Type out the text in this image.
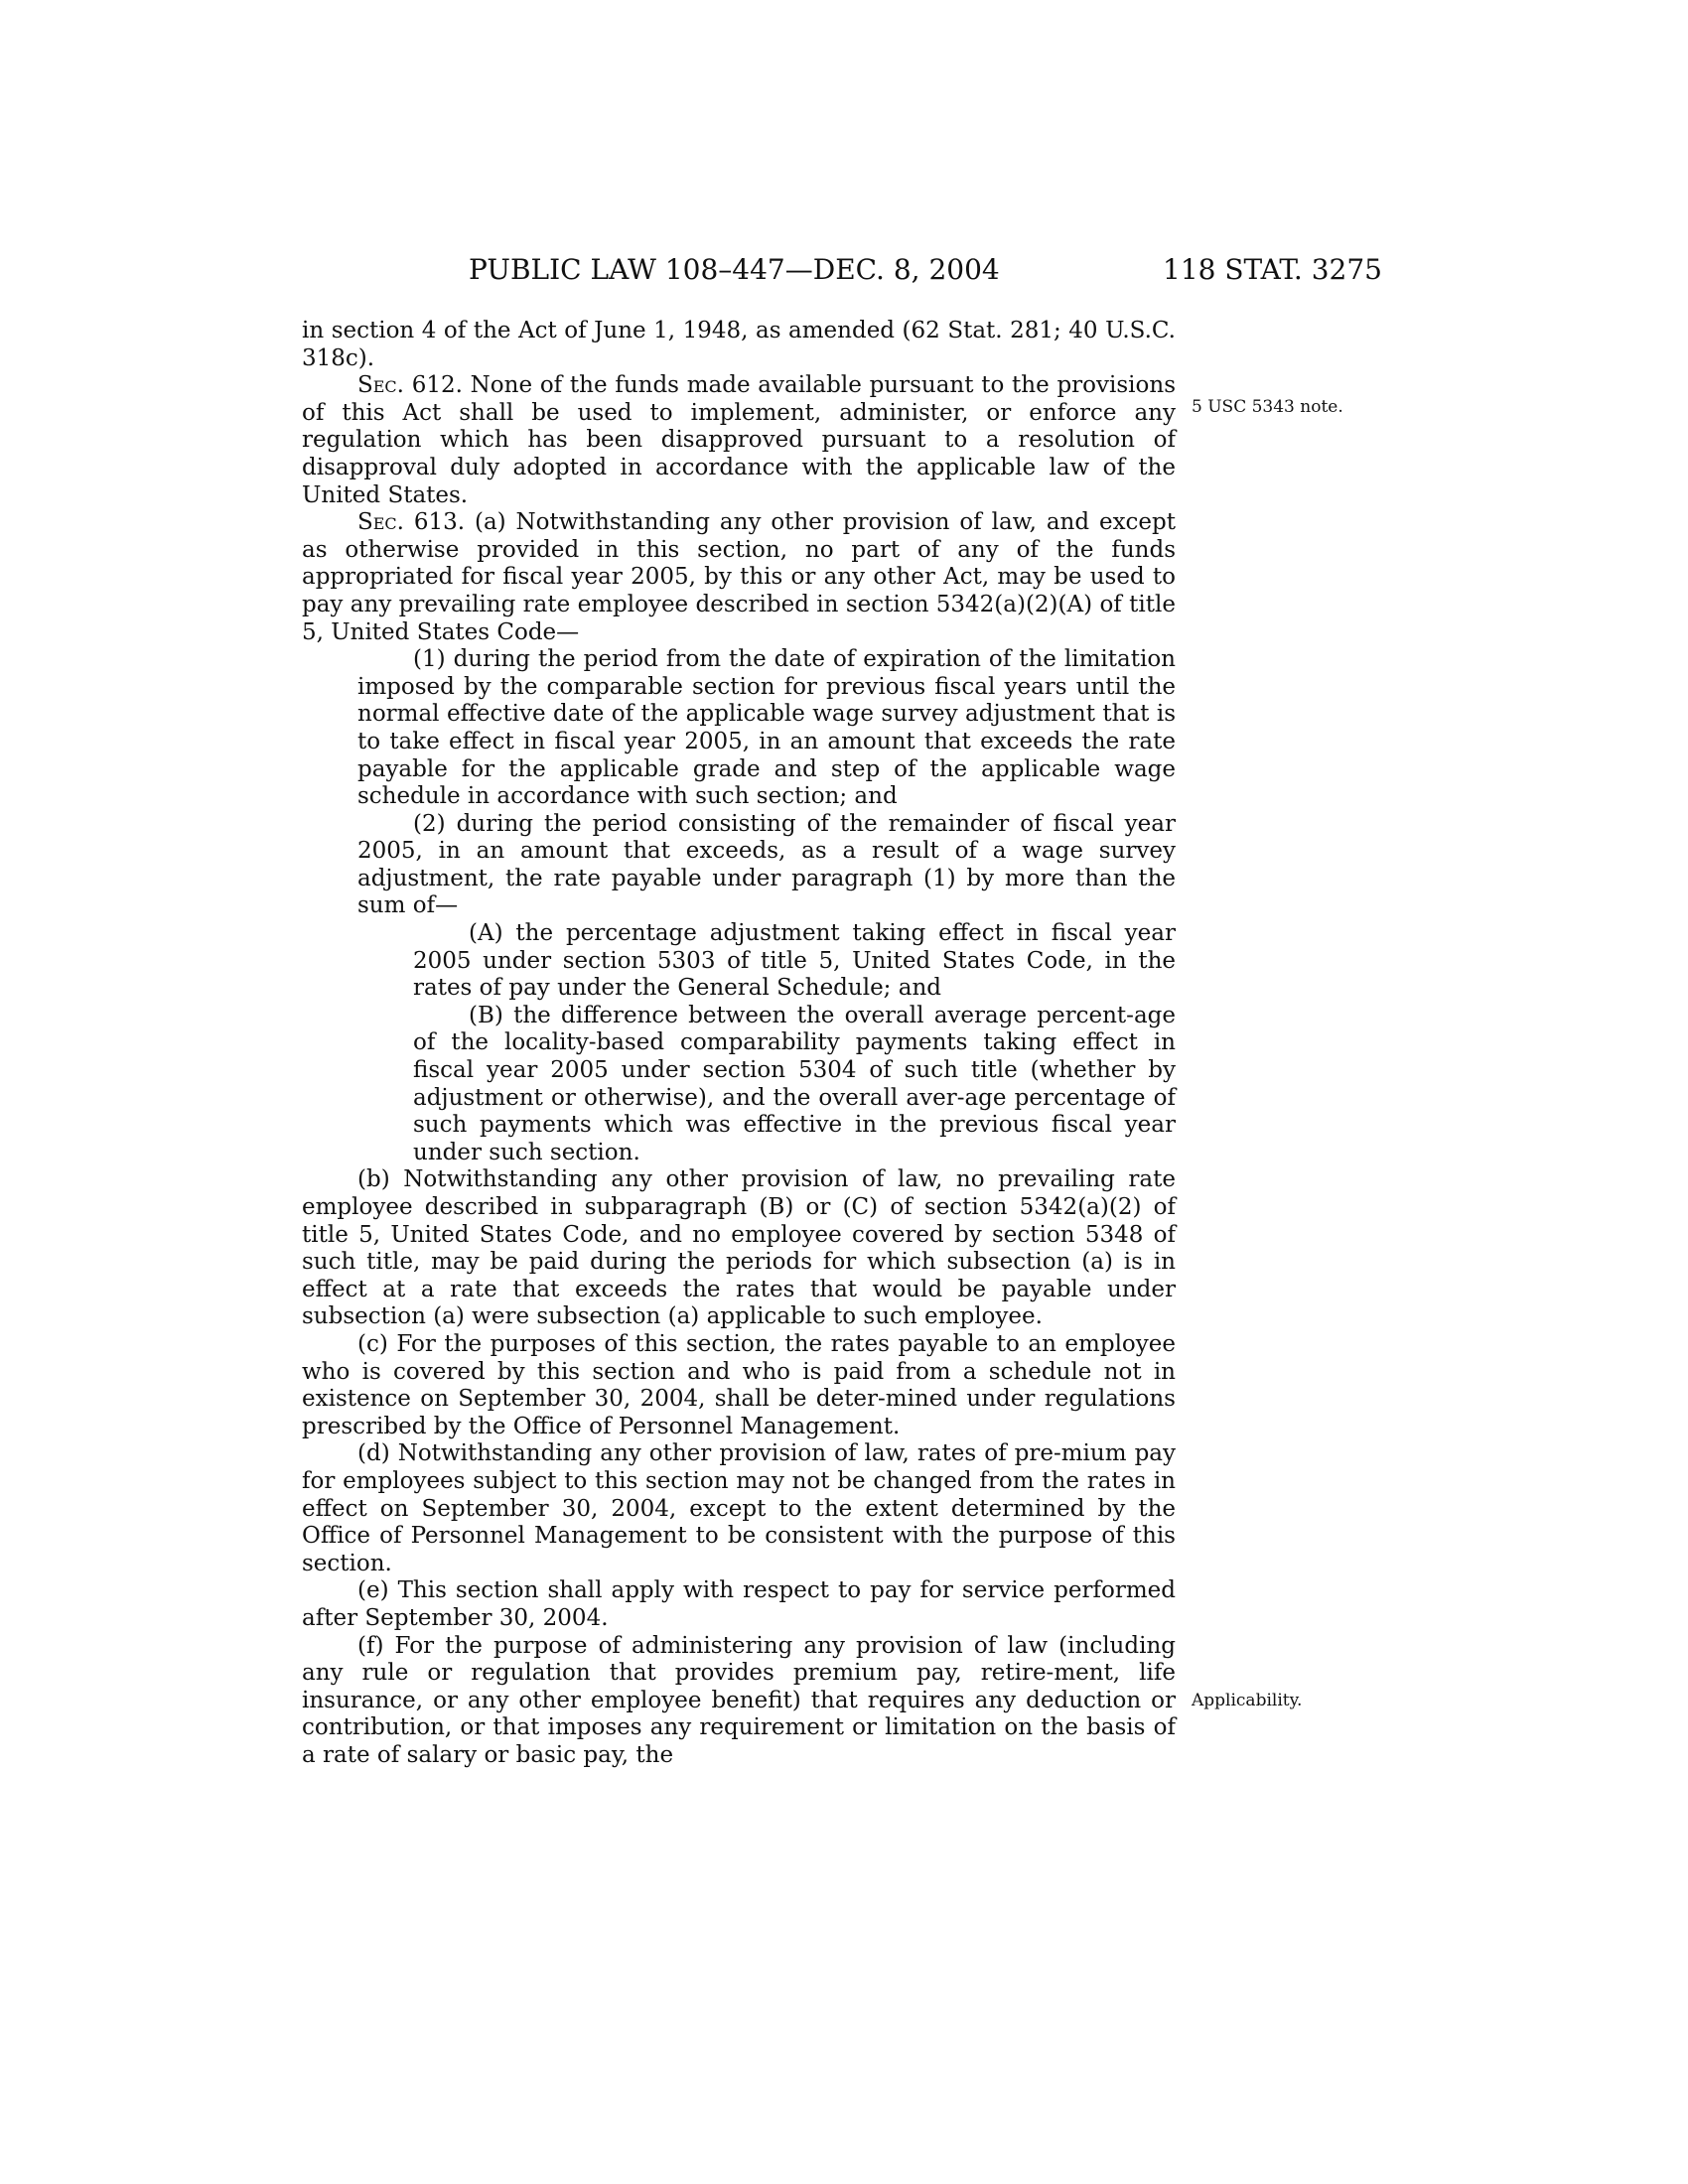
PUBLIC LAW 108–447—DEC. 8, 2004	118 STAT. 3275
5 USC 5343 note.
Applicability.

in section 4 of the Act of June 1, 1948, as amended (62 Stat. 281; 40 U.S.C. 318c).

Sec. 612. None of the funds made available pursuant to the provisions of this Act shall be used to implement, administer, or enforce any regulation which has been disapproved pursuant to a resolution of disapproval duly adopted in accordance with the applicable law of the United States.

Sec. 613. (a) Notwithstanding any other provision of law, and except as otherwise provided in this section, no part of any of the funds appropriated for fiscal year 2005, by this or any other Act, may be used to pay any prevailing rate employee described in section 5342(a)(2)(A) of title 5, United States Code—

(1) during the period from the date of expiration of the limitation imposed by the comparable section for previous fiscal years until the normal effective date of the applicable wage survey adjustment that is to take effect in fiscal year 2005, in an amount that exceeds the rate payable for the applicable grade and step of the applicable wage schedule in accordance with such section; and

(2) during the period consisting of the remainder of fiscal year 2005, in an amount that exceeds, as a result of a wage survey adjustment, the rate payable under paragraph (1) by more than the sum of—

(A) the percentage adjustment taking effect in fiscal year 2005 under section 5303 of title 5, United States Code, in the rates of pay under the General Schedule; and

(B) the difference between the overall average percent-age of the locality-based comparability payments taking effect in fiscal year 2005 under section 5304 of such title (whether by adjustment or otherwise), and the overall aver-age percentage of such payments which was effective in the previous fiscal year under such section.

(b) Notwithstanding any other provision of law, no prevailing rate employee described in subparagraph (B) or (C) of section 5342(a)(2) of title 5, United States Code, and no employee covered by section 5348 of such title, may be paid during the periods for which subsection (a) is in effect at a rate that exceeds the rates that would be payable under subsection (a) were subsection (a) applicable to such employee.

(c) For the purposes of this section, the rates payable to an employee who is covered by this section and who is paid from a schedule not in existence on September 30, 2004, shall be deter-mined under regulations prescribed by the Office of Personnel Management.

(d) Notwithstanding any other provision of law, rates of pre-mium pay for employees subject to this section may not be changed from the rates in effect on September 30, 2004, except to the extent determined by the Office of Personnel Management to be consistent with the purpose of this section.

(e) This section shall apply with respect to pay for service performed after September 30, 2004.

(f) For the purpose of administering any provision of law (including any rule or regulation that provides premium pay, retire-ment, life insurance, or any other employee benefit) that requires any deduction or contribution, or that imposes any requirement or limitation on the basis of a rate of salary or basic pay, the
